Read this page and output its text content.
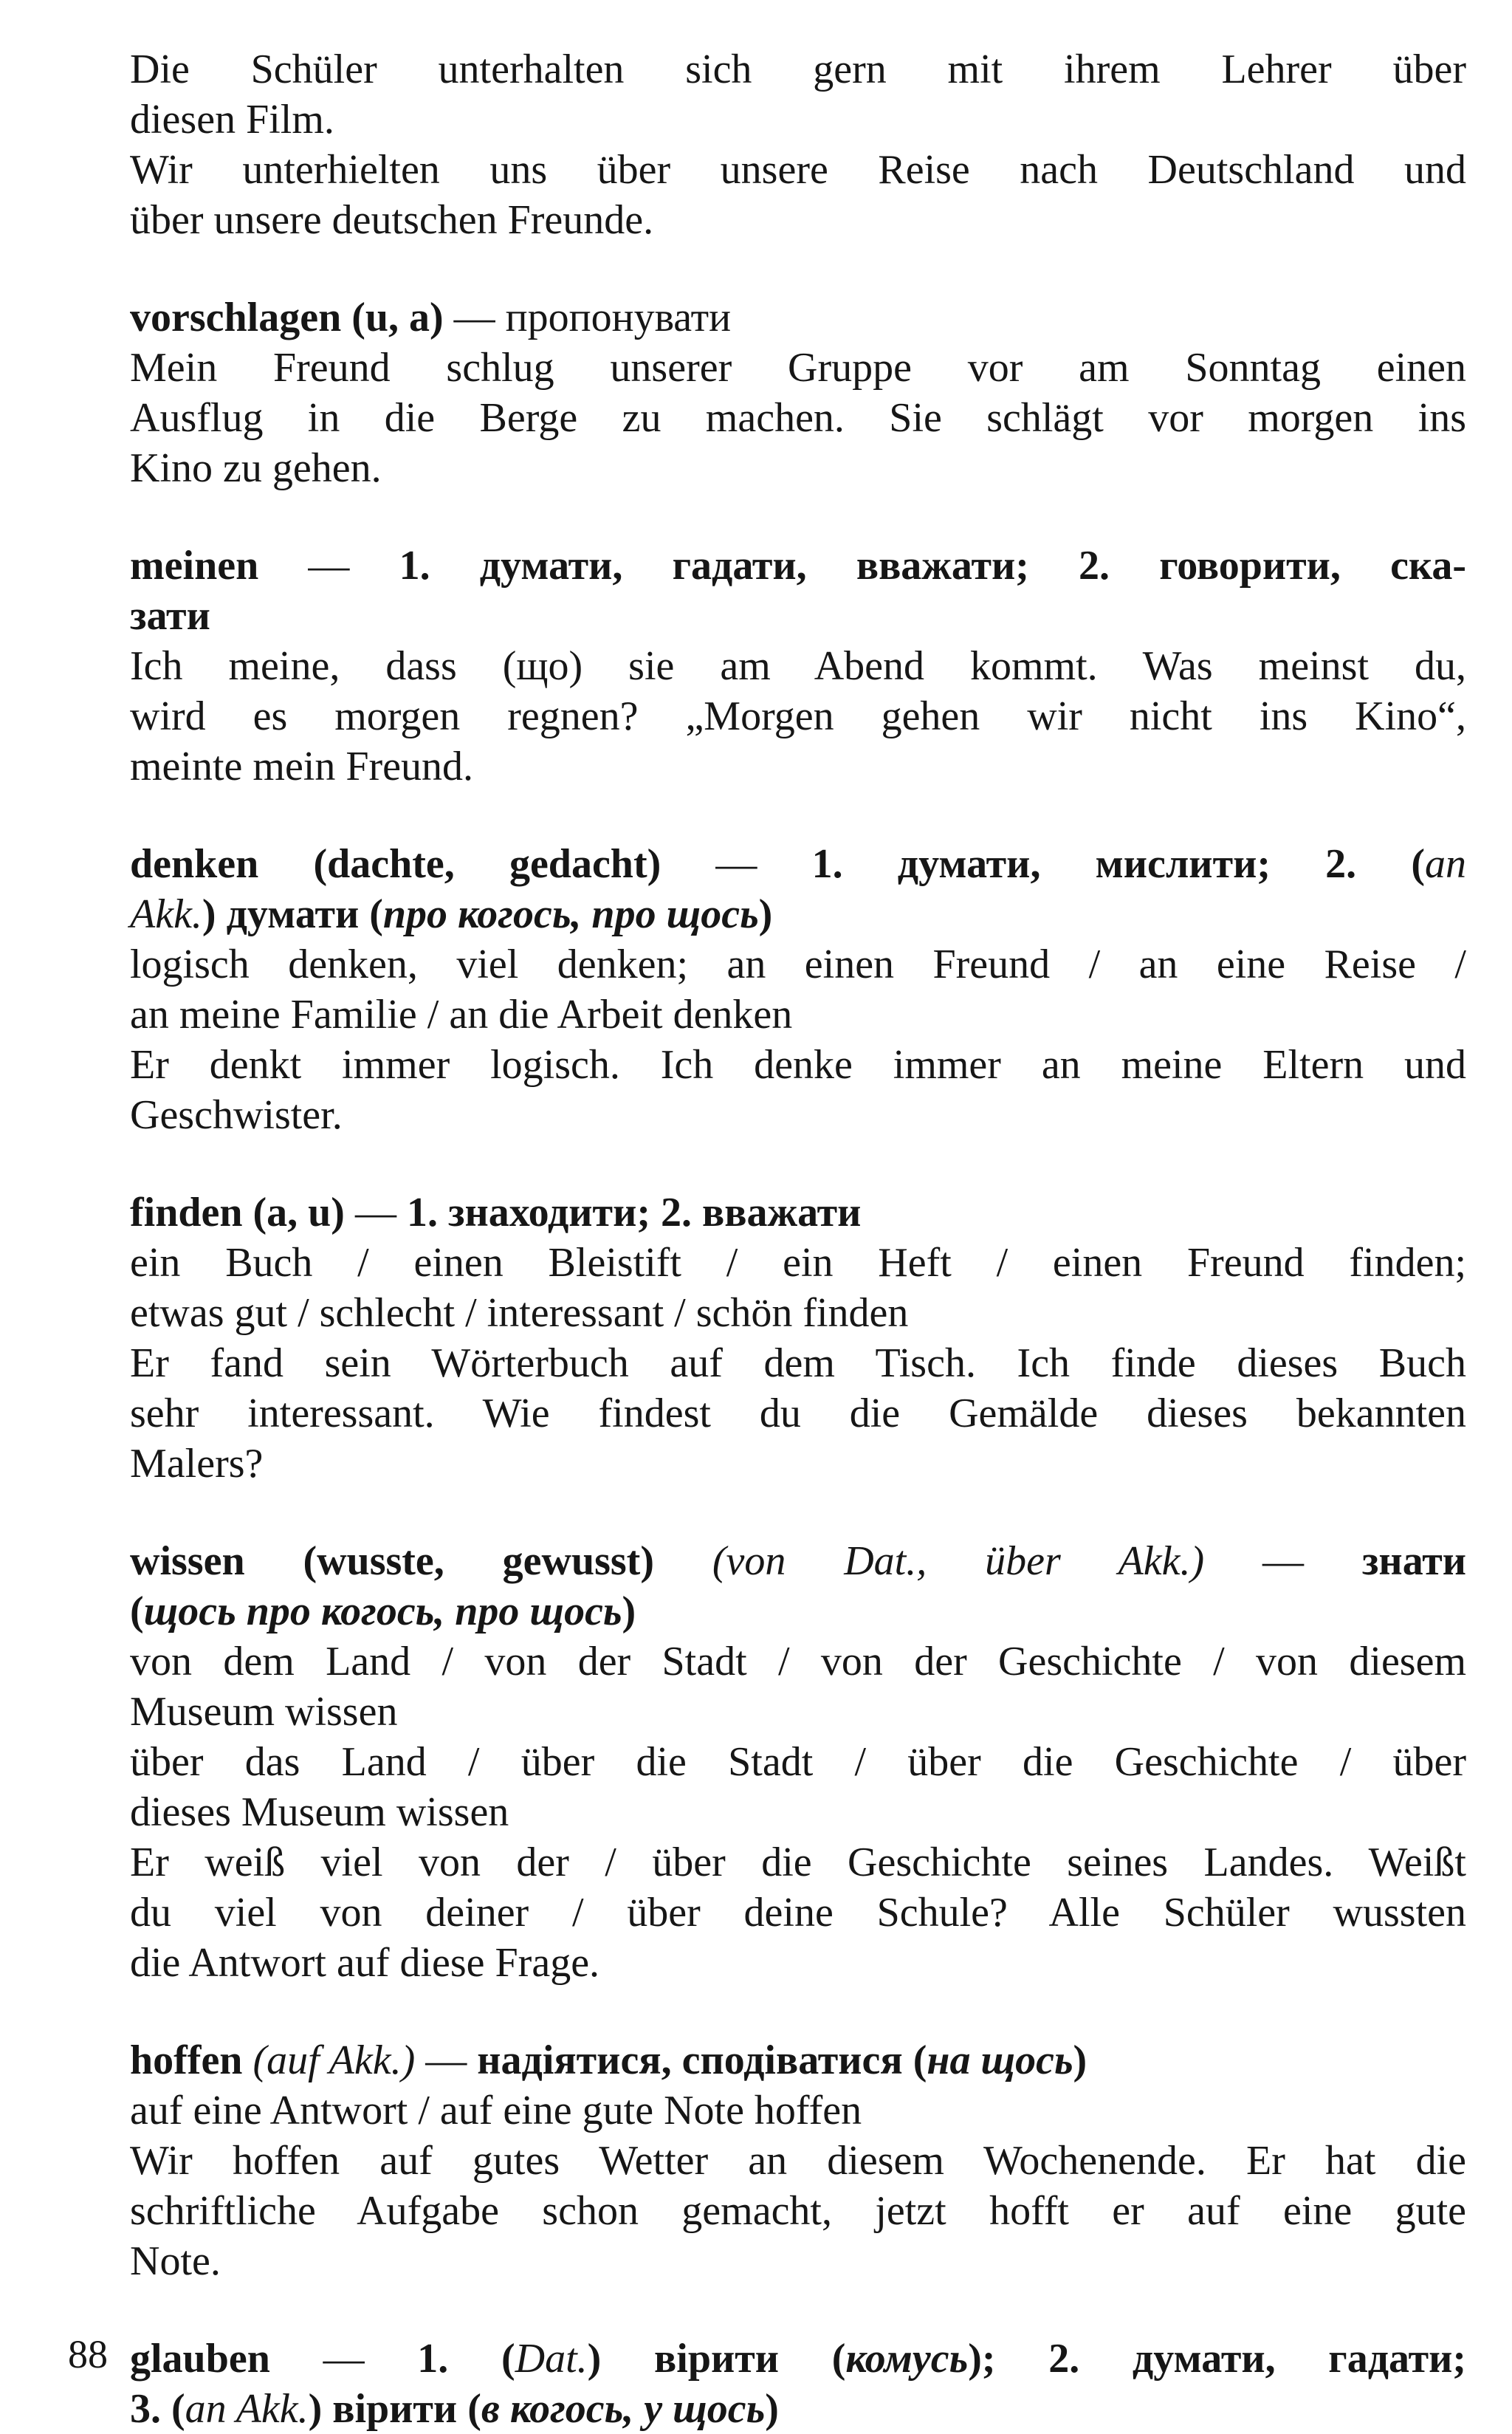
Die Schüler unterhalten sich gern mit ihrem Lehrer über
diesen Film.
Wir unterhielten uns über unsere Reise nach Deutschland und
über unsere deutschen Freunde.
vorschlagen (u, a) — пропонувати
Mein Freund schlug unserer Gruppe vor am Sonntag einen
Ausflug in die Berge zu machen. Sie schlägt vor morgen ins
Kino zu gehen.
meinen — 1. думати, гадати, вважати; 2. говорити, ска-
зати
Ich meine, dass (що) sie am Abend kommt. Was meinst du,
wird es morgen regnen? „Morgen gehen wir nicht ins Kino“,
meinte mein Freund.
denken (dachte, gedacht) — 1. думати, мислити; 2. (an
Akk.) думати (про когось, про щось)
logisch denken, viel denken; an einen Freund / an eine Reise /
an meine Familie / an die Arbeit denken
Er denkt immer logisch. Ich denke immer an meine Eltern und
Geschwister.
finden (a, u) — 1. знаходити; 2. вважати
ein Buch / einen Bleistift / ein Heft / einen Freund finden;
etwas gut / schlecht / interessant / schön finden
Er fand sein Wörterbuch auf dem Tisch. Ich finde dieses Buch
sehr interessant. Wie findest du die Gemälde dieses bekannten
Malers?
wissen (wusste, gewusst) (von Dat., über Akk.) — знати
(щось про когось, про щось)
von dem Land / von der Stadt / von der Geschichte / von diesem
Museum wissen
über das Land / über die Stadt / über die Geschichte / über
dieses Museum wissen
Er weiß viel von der / über die Geschichte seines Landes. Weißt
du viel von deiner / über deine Schule? Alle Schüler wussten
die Antwort auf diese Frage.
hoffen (auf Akk.) — надіятися, сподіватися (на щось)
auf eine Antwort / auf eine gute Note hoffen
Wir hoffen auf gutes Wetter an diesem Wochenende. Er hat die
schriftliche Aufgabe schon gemacht, jetzt hofft er auf eine gute
Note.
glauben — 1. (Dat.) вірити (комусь); 2. думати, гадати;
3. (an Akk.) вірити (в когось, у щось)
88
